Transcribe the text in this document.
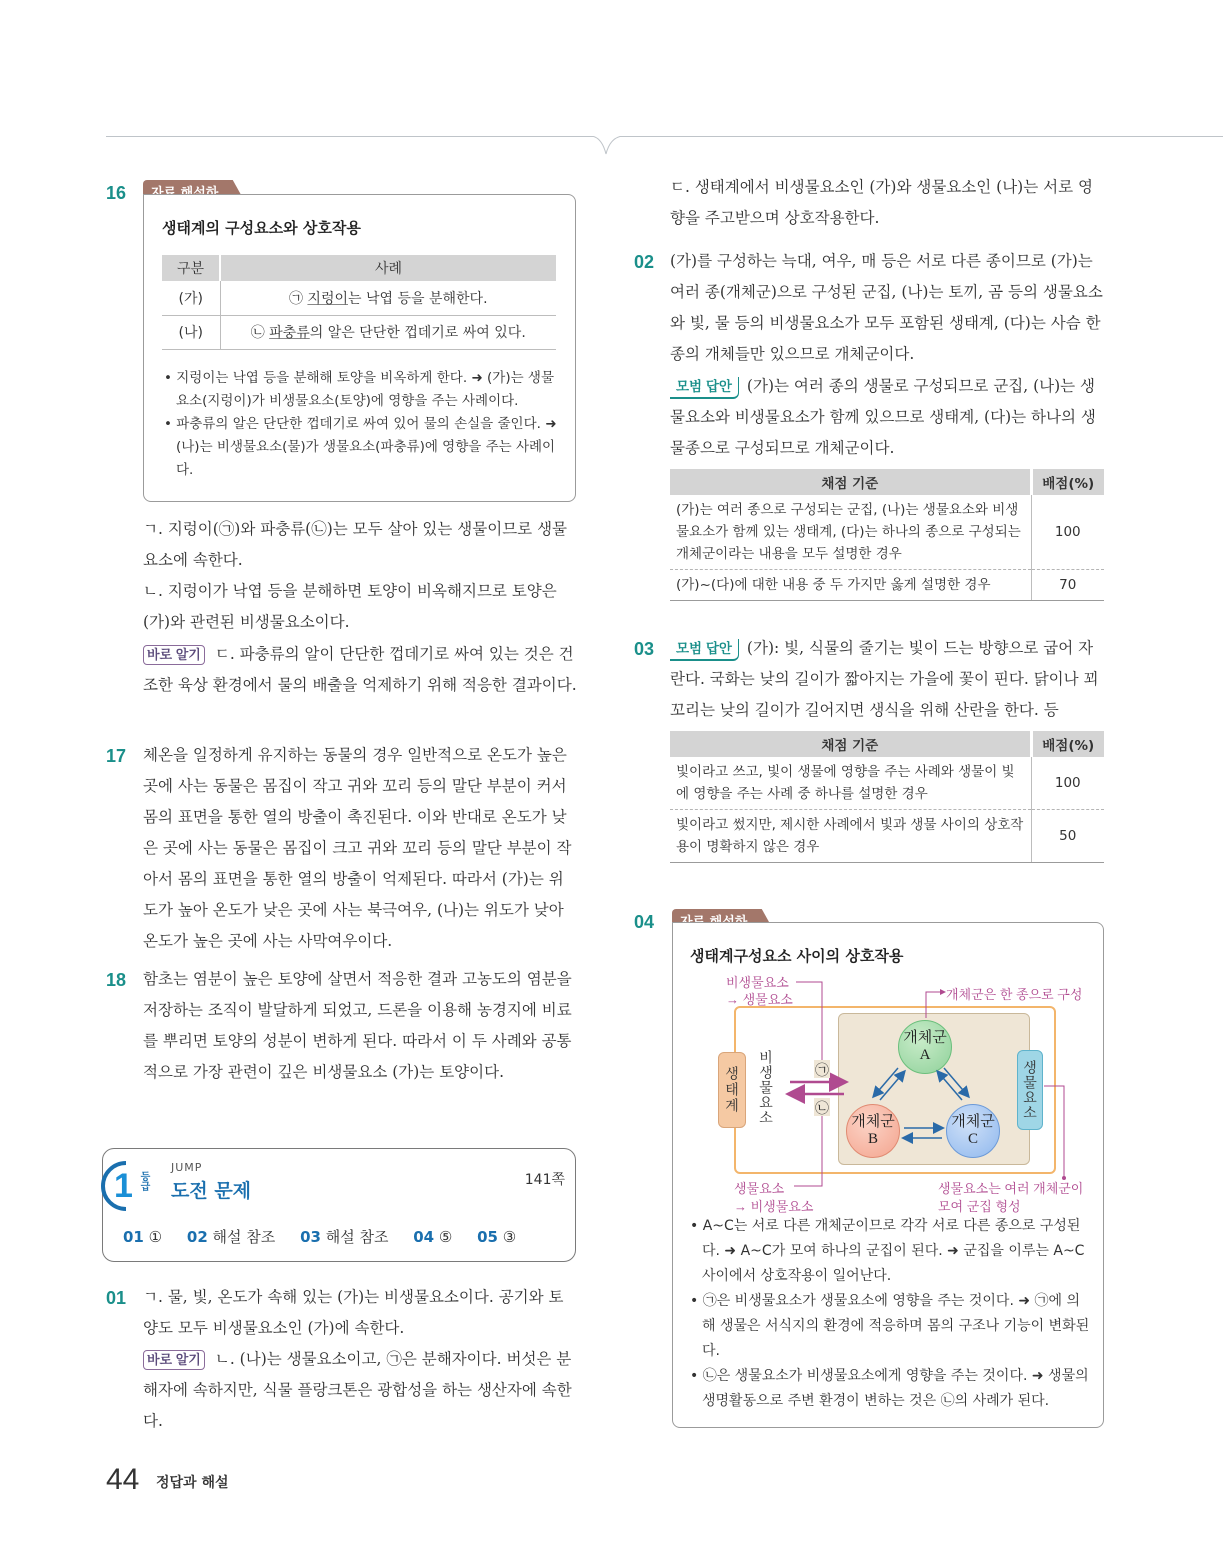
16
생태계의 구성요소와 상호작용
구분	사례
(가)	㉠ 지렁이는 낙엽 등을 분해한다.
(나)	㉡ 파충류의 알은 단단한 껍데기로 싸여 있다.
• 지렁이는 낙엽 등을 분해해 토양을 비옥하게 한다. ➜ (가)는 생물요소(지렁이)가 비생물요소(토양)에 영향을 주는 사례이다.
• 파충류의 알은 단단한 껍데기로 싸여 있어 물의 손실을 줄인다. ➜ (나)는 비생물요소(물)가 생물요소(파충류)에 영향을 주는 사례이다.
ㄱ. 지렁이(㉠)와 파충류(㉡)는 모두 살아 있는 생물이므로 생물요소에 속한다.
ㄴ. 지렁이가 낙엽 등을 분해하면 토양이 비옥해지므로 토양은 (가)와 관련된 비생물요소이다.
바로 알기 ㄷ. 파충류의 알이 단단한 껍데기로 싸여 있는 것은 건조한 육상 환경에서 물의 배출을 억제하기 위해 적응한 결과이다.
17 체온을 일정하게 유지하는 동물의 경우 일반적으로 온도가 높은 곳에 사는 동물은 몸집이 작고 귀와 꼬리 등의 말단 부분이 커서 몸의 표면을 통한 열의 방출이 촉진된다. 이와 반대로 온도가 낮은 곳에 사는 동물은 몸집이 크고 귀와 꼬리 등의 말단 부분이 작아서 몸의 표면을 통한 열의 방출이 억제된다. 따라서 (가)는 위도가 높아 온도가 낮은 곳에 사는 북극여우, (나)는 위도가 낮아 온도가 높은 곳에 사는 사막여우이다.
18 함초는 염분이 높은 토양에 살면서 적응한 결과 고농도의 염분을 저장하는 조직이 발달하게 되었고, 드론을 이용해 농경지에 비료를 뿌리면 토양의 성분이 변하게 된다. 따라서 이 두 사례와 공통적으로 가장 관련이 깊은 비생물요소 (가)는 토양이다.
1 등급
JUMP
도전 문제	141쪽
01 ① 02 해설 참조 03 해설 참조 04 ⑤ 05 ③
01 ㄱ. 물, 빛, 온도가 속해 있는 (가)는 비생물요소이다. 공기와 토양도 모두 비생물요소인 (가)에 속한다.
바로 알기 ㄴ. (나)는 생물요소이고, ㉠은 분해자이다. 버섯은 분해자에 속하지만, 식물 플랑크톤은 광합성을 하는 생산자에 속한다.
44 정답과 해설
ㄷ. 생태계에서 비생물요소인 (가)와 생물요소인 (나)는 서로 영향을 주고받으며 상호작용한다.
02 (가)를 구성하는 늑대, 여우, 매 등은 서로 다른 종이므로 (가)는 여러 종(개체군)으로 구성된 군집, (나)는 토끼, 곰 등의 생물요소와 빛, 물 등의 비생물요소가 모두 포함된 생태계, (다)는 사슴 한 종의 개체들만 있으므로 개체군이다.
모범 답안 (가)는 여러 종의 생물로 구성되므로 군집, (나)는 생물요소와 비생물요소가 함께 있으므로 생태계, (다)는 하나의 생물종으로 구성되므로 개체군이다.
채점 기준	배점(%)
(가)는 여러 종으로 구성되는 군집, (나)는 생물요소와 비생물요소가 함께 있는 생태계, (다)는 하나의 종으로 구성되는 개체군이라는 내용을 모두 설명한 경우	100
(가)~(다)에 대한 내용 중 두 가지만 옳게 설명한 경우	70
03	모범 답안 (가): 빛, 식물의 줄기는 빛이 드는 방향으로 굽어 자란다. 국화는 낮의 길이가 짧아지는 가을에 꽃이 핀다. 닭이나 꾀꼬리는 낮의 길이가 길어지면 생식을 위해 산란을 한다. 등
채점 기준	배점(%)
빛이라고 쓰고, 빛이 생물에 영향을 주는 사례와 생물이 빛에 영향을 주는 사례 중 하나를 설명한 경우	100
빛이라고 썼지만, 제시한 사례에서 빛과 생물 사이의 상호작용이 명확하지 않은 경우	50
04
생태계구성요소 사이의 상호작용
생태계 비생물요소	생물요소
개체군
A
개체군
B
개체군
C
㉠
㉡
비생물요소
→ 생물요소	개체군은 한 종으로 구성
생물요소
→ 비생물요소
생물요소는 여러 개체군이
모여 군집 형성
• A~C는 서로 다른 개체군이므로 각각 서로 다른 종으로 구성된다. ➜ A~C가 모여 하나의 군집이 된다. ➜ 군집을 이루는 A~C 사이에서 상호작용이 일어난다.
• ㉠은 비생물요소가 생물요소에 영향을 주는 것이다. ➜ ㉠에 의해 생물은 서식지의 환경에 적응하며 몸의 구조나 기능이 변화된다.
• ㉡은 생물요소가 비생물요소에게 영향을 주는 것이다. ➜ 생물의 생명활동으로 주변 환경이 변하는 것은 ㉡의 사례가 된다.
